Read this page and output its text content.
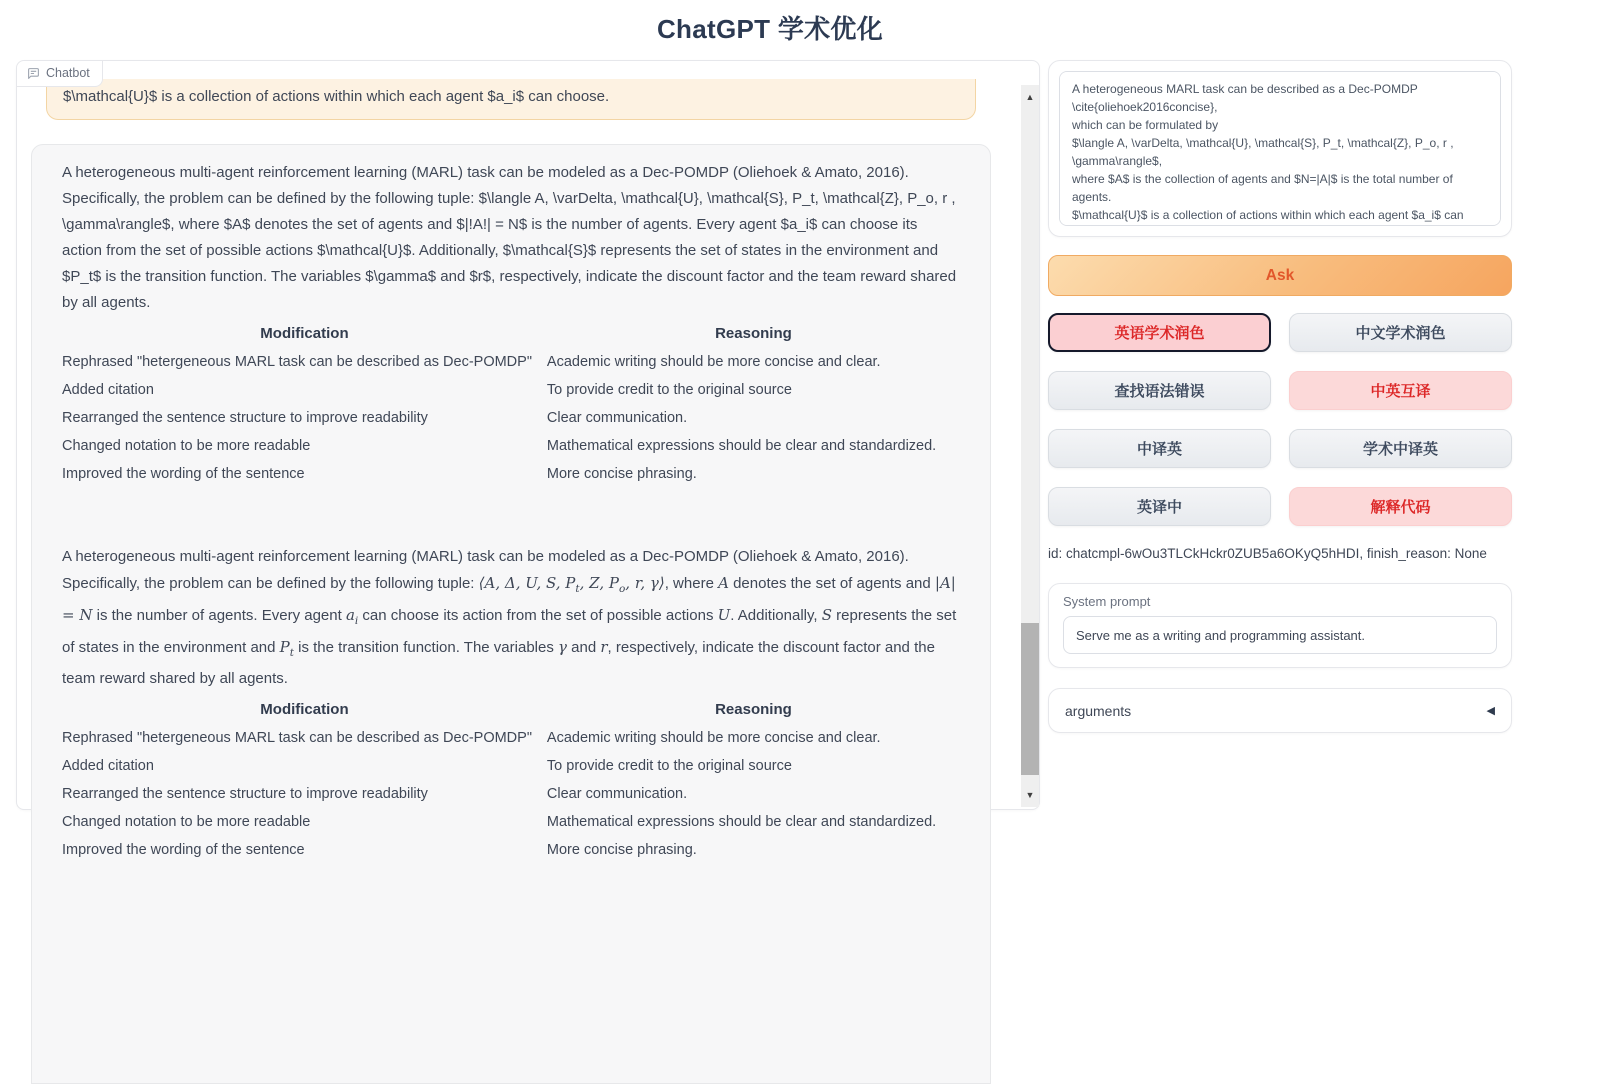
ChatGPT 学术优化
Chatbot
$\mathcal{U}$ is a collection of actions within which each agent $a_i$ can choose.

A heterogeneous multi-agent reinforcement learning (MARL) task can be modeled as a Dec-POMDP (Oliehoek & Amato, 2016). Specifically, the problem can be defined by the following tuple: $\langle A, \varDelta, \mathcal{U}, \mathcal{S}, P_t, \mathcal{Z}, P_o, r , \gamma\rangle$, where $A$ denotes the set of agents and $|!A!| = N$ is the number of agents. Every agent $a_i$ can choose its action from the set of possible actions $\mathcal{U}$. Additionally, $\mathcal{S}$ represents the set of states in the environment and $P_t$ is the transition function. The variables $\gamma$ and $r$, respectively, indicate the discount factor and the team reward shared by all agents.

Modification	Reasoning
Rephrased "hetergeneous MARL task can be described as Dec-POMDP"	Academic writing should be more concise and clear.
Added citation	To provide credit to the original source
Rearranged the sentence structure to improve readability	Clear communication.
Changed notation to be more readable	Mathematical expressions should be clear and standardized.
Improved the wording of the sentence	More concise phrasing.

A heterogeneous multi-agent reinforcement learning (MARL) task can be modeled as a Dec-POMDP (Oliehoek & Amato, 2016). Specifically, the problem can be defined by the following tuple: ⟨A, Δ, U, S, $P_t$, Z, $P_o$, r, γ⟩, where A denotes the set of agents and |A| = N is the number of agents. Every agent $a_i$ can choose its action from the set of possible actions U. Additionally, S represents the set of states in the environment and $P_t$ is the transition function. The variables γ and r, respectively, indicate the discount factor and the team reward shared by all agents.

Modification	Reasoning
Rephrased "hetergeneous MARL task can be described as Dec-POMDP"	Academic writing should be more concise and clear.
Added citation	To provide credit to the original source
Rearranged the sentence structure to improve readability	Clear communication.
Changed notation to be more readable	Mathematical expressions should be clear and standardized.
Improved the wording of the sentence	More concise phrasing.
▲
▼
A heterogeneous MARL task can be described as a Dec-POMDP \cite{oliehoek2016concise}, which can be formulated by $\langle A, \varDelta, \mathcal{U}, \mathcal{S}, P_t, \mathcal{Z}, P_o, r , \gamma\rangle$, where $A$ is the collection of agents and $N=|A|$ is the total number of agents. $\mathcal{U}$ is a collection of actions within which each agent $a_i$ can choose.
Ask
英语学术润色	中文学术润色
查找语法错误	中英互译
中译英	学术中译英
英译中	解释代码
id: chatcmpl-6wOu3TLCkHckr0ZUB5a6OKyQ5hHDI, finish_reason: None
System prompt
Serve me as a writing and programming assistant.
arguments	◀
